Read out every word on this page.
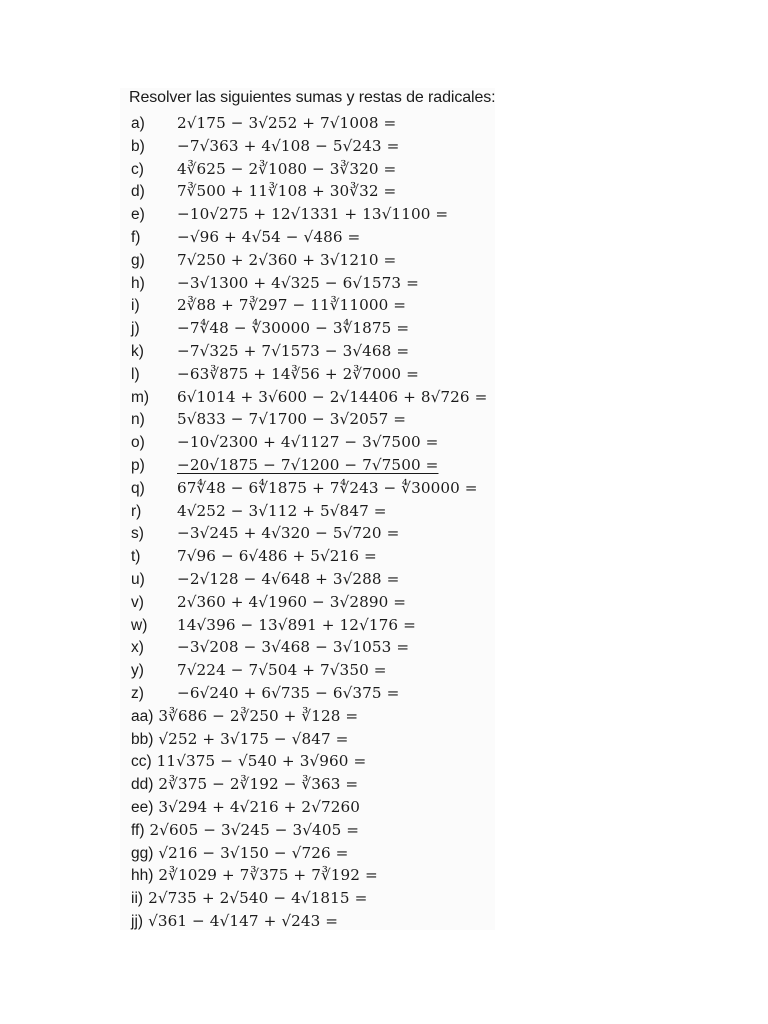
Resolver las siguientes sumas y restas de radicales:
a) 2√175 − 3√252 + 7√1008 =
b) −7√363 + 4√108 − 5√243 =
c) 4∛625 − 2∛1080 − 3∛320 =
d) 7∛500 + 11∛108 + 30∛32 =
e) −10√275 + 12√1331 + 13√1100 =
f) −√96 + 4√54 − √486 =
g) 7√250 + 2√360 + 3√1210 =
h) −3√1300 + 4√325 − 6√1573 =
i) 2∛88 + 7∛297 − 11∛11000 =
j) −7∜48 − ∜30000 − 3∜1875 =
k) −7√325 + 7√1573 − 3√468 =
l) −63∛875 + 14∛56 + 2∛7000 =
m) 6√1014 + 3√600 − 2√14406 + 8√726 =
n) 5√833 − 7√1700 − 3√2057 =
o) −10√2300 + 4√1127 − 3√7500 =
p) −20√1875 − 7√1200 − 7√7500 =
q) 67∜48 − 6∜1875 + 7∜243 − ∜30000 =
r) 4√252 − 3√112 + 5√847 =
s) −3√245 + 4√320 − 5√720 =
t) 7√96 − 6√486 + 5√216 =
u) −2√128 − 4√648 + 3√288 =
v) 2√360 + 4√1960 − 3√2890 =
w) 14√396 − 13√891 + 12√176 =
x) −3√208 − 3√468 − 3√1053 =
y) 7√224 − 7√504 + 7√350 =
z) −6√240 + 6√735 − 6√375 =
aa) 3∛686 − 2∛250 + ∛128 =
bb) √252 + 3√175 − √847 =
cc) 11√375 − √540 + 3√960 =
dd) 2∛375 − 2∛192 − ∛363 =
ee) 3√294 + 4√216 + 2√7260
ff) 2√605 − 3√245 − 3√405 =
gg) √216 − 3√150 − √726 =
hh) 2∛1029 + 7∛375 + 7∛192 =
ii) 2√735 + 2√540 − 4√1815 =
jj) √361 − 4√147 + √243 =
